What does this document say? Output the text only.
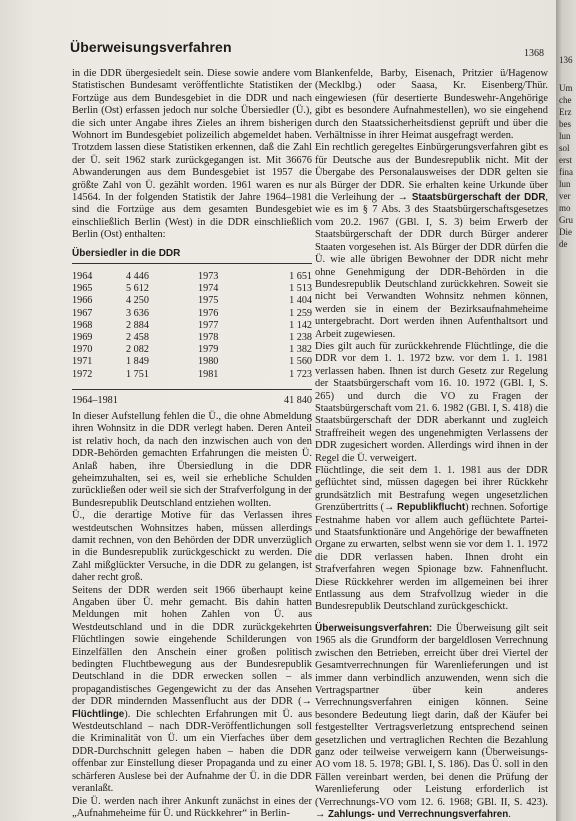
Überweisungsverfahren	1368

in die DDR übergesiedelt sein. Diese sowie andere vom Statistischen Bundesamt veröffentlichte Statistiken der Fortzüge aus dem Bundesgebiet in die DDR und nach Berlin (Ost) erfassen jedoch nur solche Übersiedler (Ü.), die sich unter Angabe ihres Zieles an ihrem bisherigen Wohnort im Bundesgebiet polizeilich abgemeldet haben. Trotzdem lassen diese Statistiken erkennen, daß die Zahl der Ü. seit 1962 stark zurückgegangen ist. Mit 36676 Abwanderungen aus dem Bundesgebiet ist 1957 die größte Zahl von Ü. gezählt worden. 1961 waren es nur 14564. In der folgenden Statistik der Jahre 1964–1981 sind die Fortzüge aus dem gesamten Bundesgebiet einschließlich Berlin (West) in die DDR einschließlich Berlin (Ost) enthalten:

Übersiedler in die DDR
1964	4 446
1965	5 612
1966	4 250
1967	3 636
1968	2 884
1969	2 458
1970	2 082
1971	1 849
1972	1 751
1973	1 651
1974	1 513
1975	1 404
1976	1 259
1977	1 142
1978	1 238
1979	1 382
1980	1 560
1981	1 723
1964–1981	41 840

In dieser Aufstellung fehlen die Ü., die ohne Abmeldung ihren Wohnsitz in die DDR verlegt haben. Deren Anteil ist relativ hoch, da nach den inzwischen auch von den DDR-Behörden gemachten Erfahrungen die meisten Ü. Anlaß haben, ihre Übersiedlung in die DDR geheimzuhalten, sei es, weil sie erhebliche Schulden zurückließen oder weil sie sich der Strafverfolgung in der Bundesrepublik Deutschland entziehen wollten.

Ü., die derartige Motive für das Verlassen ihres westdeutschen Wohnsitzes haben, müssen allerdings damit rechnen, von den Behörden der DDR unverzüglich in die Bundesrepublik zurückgeschickt zu werden. Die Zahl mißglückter Versuche, in die DDR zu gelangen, ist daher recht groß.

Seitens der DDR werden seit 1966 überhaupt keine Angaben über Ü. mehr gemacht. Bis dahin hatten Meldungen mit hohen Zahlen von Ü. aus Westdeutschland und in die DDR zurückgekehrten Flüchtlingen sowie eingehende Schilderungen von Einzelfällen den Anschein einer großen politisch bedingten Fluchtbewegung aus der Bundesrepublik Deutschland in die DDR erwecken sollen – als propagandistisches Gegengewicht zu der das Ansehen der DDR mindernden Massenflucht aus der DDR (→ Flüchtlinge). Die schlechten Erfahrungen mit Ü. aus Westdeutschland – nach DDR-Veröffentlichungen soll die Kriminalität von Ü. um ein Vierfaches über dem DDR-Durchschnitt gelegen haben – haben die DDR offenbar zur Einstellung dieser Propaganda und zu einer schärferen Auslese bei der Aufnahme der Ü. in die DDR veranlaßt.

Die Ü. werden nach ihrer Ankunft zunächst in eines der „Aufnahmeheime für Ü. und Rückkehrer“ in Berlin-

Blankenfelde, Barby, Eisenach, Pritzier ü/Hagenow (Mecklbg.) oder Saasa, Kr. Eisenberg/Thür. eingewiesen (für desertierte Bundeswehr-Angehörige gibt es besondere Aufnahmestellen), wo sie eingehend durch den Staatssicherheitsdienst geprüft und über die Verhältnisse in ihrer Heimat ausgefragt werden.

Ein rechtlich geregeltes Einbürgerungsverfahren gibt es für Deutsche aus der Bundesrepublik nicht. Mit der Übergabe des Personalausweises der DDR gelten sie als Bürger der DDR. Sie erhalten keine Urkunde über die Verleihung der → Staatsbürgerschaft der DDR, wie es im § 7 Abs. 3 des Staatsbürgerschaftsgesetzes vom 20.2. 1967 (GBl. I, S. 3) beim Erwerb der Staatsbürgerschaft der DDR durch Bürger anderer Staaten vorgesehen ist. Als Bürger der DDR dürfen die Ü. wie alle übrigen Bewohner der DDR nicht mehr ohne Genehmigung der DDR-Behörden in die Bundesrepublik Deutschland zurückkehren. Soweit sie nicht bei Verwandten Wohnsitz nehmen können, werden sie in einem der Bezirksaufnahmeheime untergebracht. Dort werden ihnen Aufenthaltsort und Arbeit zugewiesen.

Dies gilt auch für zurückkehrende Flüchtlinge, die die DDR vor dem 1. 1. 1972 bzw. vor dem 1. 1. 1981 verlassen haben. Ihnen ist durch Gesetz zur Regelung der Staatsbürgerschaft vom 16. 10. 1972 (GBl. I, S. 265) und durch die VO zu Fragen der Staatsbürgerschaft vom 21. 6. 1982 (GBl. I, S. 418) die Staatsbürgerschaft der DDR aberkannt und zugleich Straffreiheit wegen des ungenehmigten Verlassens der DDR zugesichert worden. Allerdings wird ihnen in der Regel die Ü. verweigert.

Flüchtlinge, die seit dem 1. 1. 1981 aus der DDR geflüchtet sind, müssen dagegen bei ihrer Rückkehr grundsätzlich mit Bestrafung wegen ungesetzlichen Grenzübertritts (→ Republikflucht) rechnen. Sofortige Festnahme haben vor allem auch geflüchtete Partei- und Staatsfunktionäre und Angehörige der bewaffneten Organe zu erwarten, selbst wenn sie vor dem 1. 1. 1972 die DDR verlassen haben. Ihnen droht ein Strafverfahren wegen Spionage bzw. Fahnenflucht. Diese Rückkehrer werden im allgemeinen bei ihrer Entlassung aus dem Strafvollzug wieder in die Bundesrepublik Deutschland zurückgeschickt.

Überweisungsverfahren: Die Überweisung gilt seit 1965 als die Grundform der bargeldlosen Verrechnung zwischen den Betrieben, erreicht über drei Viertel der Gesamtverrechnungen für Warenlieferungen und ist immer dann verbindlich anzuwenden, wenn sich die Vertragspartner über kein anderes Verrechnungsverfahren einigen können. Seine besondere Bedeutung liegt darin, daß der Käufer bei festgestellter Vertragsverletzung entsprechend seinen gesetzlichen und vertraglichen Rechten die Bezahlung ganz oder teilweise verweigern kann (Überweisungs-AO vom 18. 5. 1978; GBl. I, S. 186). Das Ü. soll in den Fällen vereinbart werden, bei denen die Prüfung der Warenlieferung oder Leistung erforderlich ist (Verrechnungs-VO vom 12. 6. 1968; GBl. II, S. 423). → Zahlungs- und Verrechnungsverfahren.

136
Um
che
Erz
bes
lun
sol
erst
fina
lun
ver
mo
Gru
Die
de
